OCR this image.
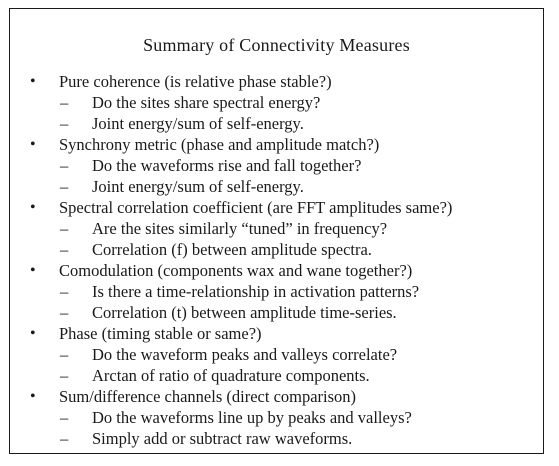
Summary of Connectivity Measures
• Pure coherence (is relative phase stable?)
– Do the sites share spectral energy?
– Joint energy/sum of self-energy.
• Synchrony metric (phase and amplitude match?)
– Do the waveforms rise and fall together?
– Joint energy/sum of self-energy.
• Spectral correlation coefficient (are FFT amplitudes same?)
– Are the sites similarly “tuned” in frequency?
– Correlation (f) between amplitude spectra.
• Comodulation (components wax and wane together?)
– Is there a time-relationship in activation patterns?
– Correlation (t) between amplitude time-series.
• Phase (timing stable or same?)
– Do the waveform peaks and valleys correlate?
– Arctan of ratio of quadrature components.
• Sum/difference channels (direct comparison)
– Do the waveforms line up by peaks and valleys?
– Simply add or subtract raw waveforms.
